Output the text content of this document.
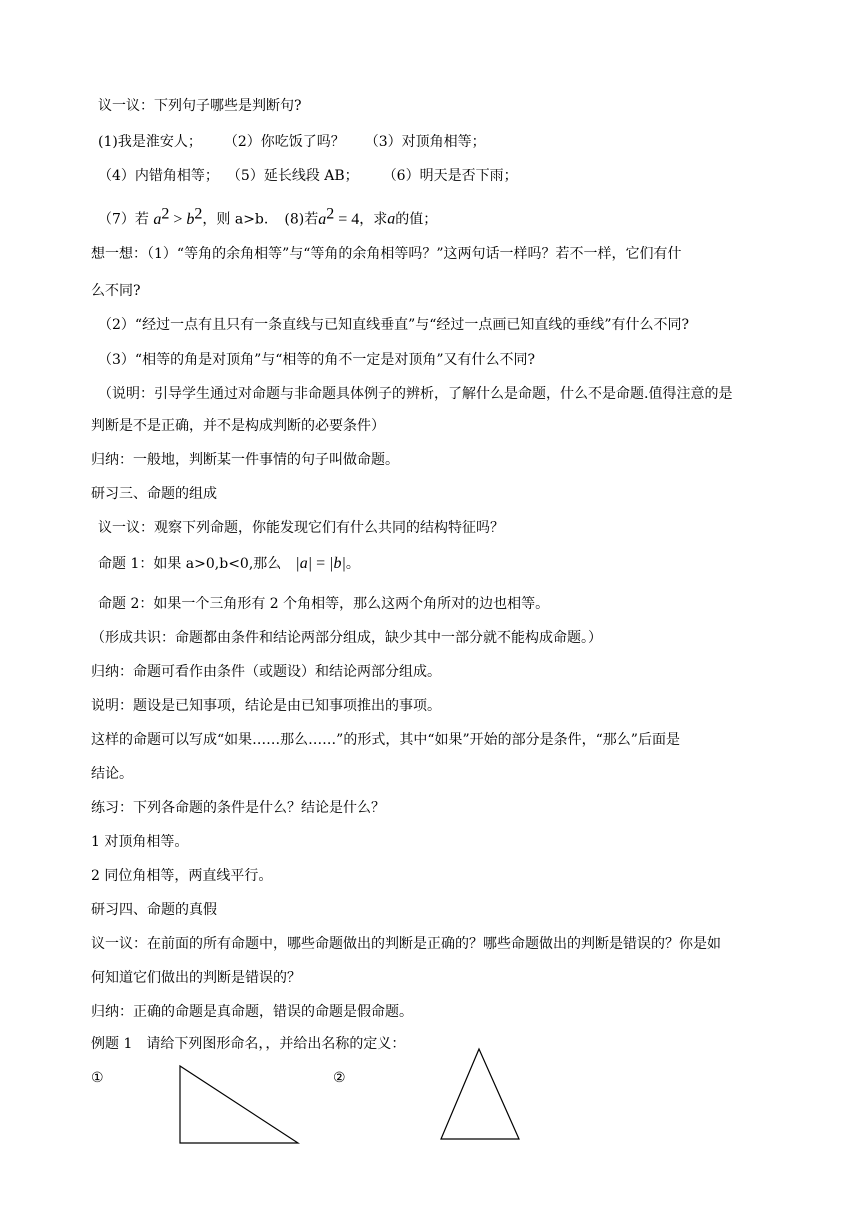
议一议：下列句子哪些是判断句?
(1)我是淮安人； （2）你吃饭了吗？ （3）对顶角相等；
（4）内错角相等； （5）延长线段 AB； （6）明天是否下雨；
（7）若 $a^2 > b^2$，则 a>b. (8)若$a^2 = 4$，求a的值；
想一想：（1）“等角的余角相等”与“等角的余角相等吗？”这两句话一样吗？若不一样，它们有什
么不同?
（2）“经过一点有且只有一条直线与已知直线垂直”与“经过一点画已知直线的垂线”有什么不同?
（3）“相等的角是对顶角”与“相等的角不一定是对顶角”又有什么不同?
（说明：引导学生通过对命题与非命题具体例子的辨析，了解什么是命题，什么不是命题.值得注意的是
判断是不是正确，并不是构成判断的必要条件）
归纳：一般地，判断某一件事情的句子叫做命题。
研习三、命题的组成
议一议：观察下列命题，你能发现它们有什么共同的结构特征吗？
命题 1：如果 a>0,b<0,那么 |a| = |b|。
命题 2：如果一个三角形有 2 个角相等，那么这两个角所对的边也相等。
（形成共识：命题都由条件和结论两部分组成，缺少其中一部分就不能构成命题。）
归纳：命题可看作由条件（或题设）和结论两部分组成。
说明：题设是已知事项，结论是由已知事项推出的事项。
这样的命题可以写成“如果……那么……”的形式，其中“如果”开始的部分是条件，“那么”后面是
结论。
练习：下列各命题的条件是什么？结论是什么？
1 对顶角相等。
2 同位角相等，两直线平行。
研习四、命题的真假
议一议：在前面的所有命题中，哪些命题做出的判断是正确的？哪些命题做出的判断是错误的？你是如
何知道它们做出的判断是错误的？
归纳：正确的命题是真命题，错误的命题是假命题。
例题 1　请给下列图形命名，，并给出名称的定义：
①	②
